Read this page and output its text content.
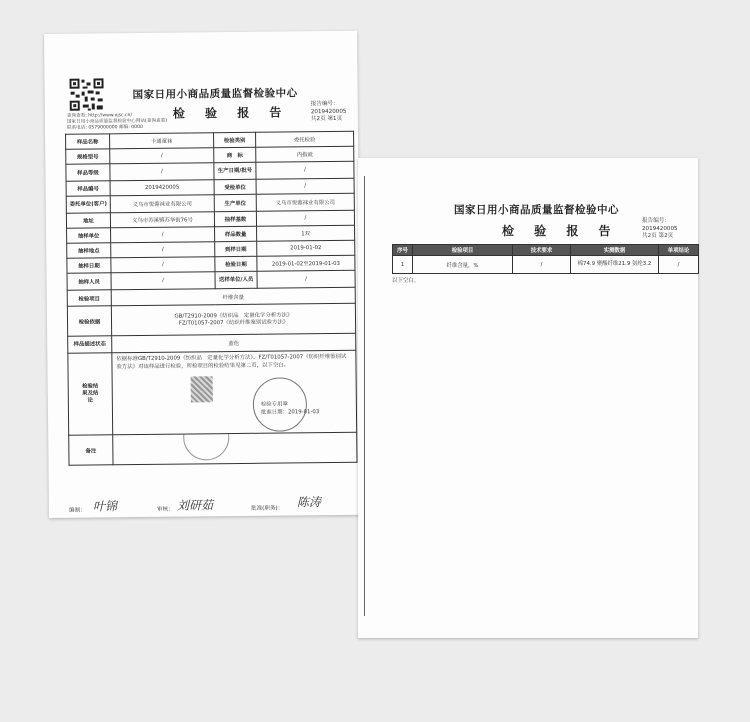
查询查看: http://www.xjsc.cn/
国家日用小商品质量监督检验中心网站(查询查看)
联系电话: 0579000000 邮编: 0000
国家日用小商品质量监督检验中心
检 验 报 告
报告编号：
2019420005
共2页 第1页
样品名称	卡通童袜	检验类别	委托检验
规格型号	/	商　标	内指就
样品等级	/	生产日期/批号	/
样品编号	2019420005	受检单位	/
委托单位(客户)	义乌市悦蓉袜业有限公司	生产单位	义乌市悦蓉袜业有限公司
地址	义乌市苏溪镇苏华街76号	抽样基数	/
抽样单位	/	样品数量	1双
抽样地点	/	到样日期	2019-01-02
抽样日期	/	检验日期	2019-01-02至2019-01-03
抽样人员	/	送样单位/人员	/
检验项目	纤维含量		
检验依据	GB/T2910-2009《纺织品　定量化学分析方法》
FZ/T01057-2007《纺织纤维鉴别试验方法》		

样品描述状态	蓝色		
检验结果及结论	依据标准GB/T2910-2009《纺织品　定量化学分析方法》、FZ/T01057-2007《纺织纤维鉴别试验方法》对该样品进行检验，所检项目的检验结果见第二页，以下空白。
检验专用章
批准日期：2019-01-03		

备注			
编制： 叶锦	审核： 刘研茹	批准(职务)： 陈涛
国家日用小商品质量监督检验中心
检 验 报 告
报告编号：
2019420005
共2页 第2页
序号	检验项目	技术要求	实测数据	单项结论
1	纤维含量，%	/	棉74.9 聚酯纤维21.9 氨纶3.2	/
以下空白。
